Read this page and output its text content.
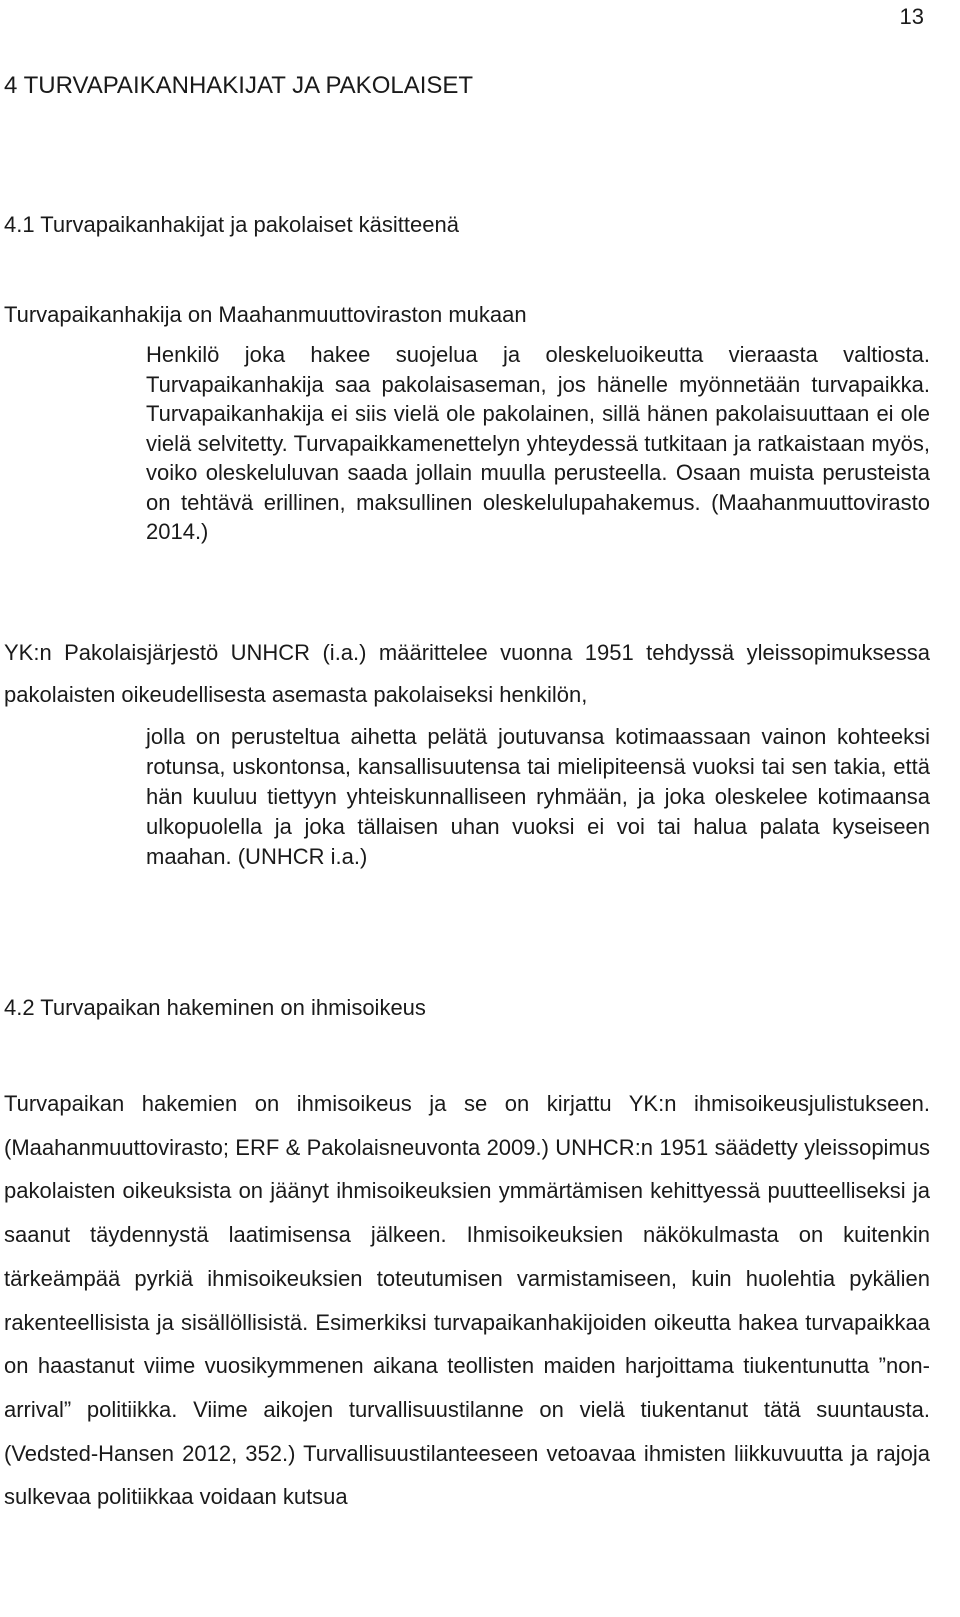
13
4 TURVAPAIKANHAKIJAT JA PAKOLAISET
4.1 Turvapaikanhakijat ja pakolaiset käsitteenä
Turvapaikanhakija on Maahanmuuttoviraston mukaan

Henkilö joka hakee suojelua ja oleskeluoikeutta vieraasta valtiosta. Turvapaikanhakija saa pakolaisaseman, jos hänelle myönnetään turvapaikka. Turvapaikanhakija ei siis vielä ole pakolainen, sillä hänen pakolaisuuttaan ei ole vielä selvitetty. Turvapaikkamenettelyn yhteydessä tutkitaan ja ratkaistaan myös, voiko oleskeluluvan saada jollain muulla perusteella. Osaan muista perusteista on tehtävä erillinen, maksullinen oleskelulupahakemus. (Maahanmuuttovirasto 2014.)

YK:n Pakolaisjärjestö UNHCR (i.a.) määrittelee vuonna 1951 tehdyssä yleissopimuksessa pakolaisten oikeudellisesta asemasta pakolaiseksi henkilön,

jolla on perusteltua aihetta pelätä joutuvansa kotimaassaan vainon kohteeksi rotunsa, uskontonsa, kansallisuutensa tai mielipiteensä vuoksi tai sen takia, että hän kuuluu tiettyyn yhteiskunnalliseen ryhmään, ja joka oleskelee kotimaansa ulkopuolella ja joka tällaisen uhan vuoksi ei voi tai halua palata kyseiseen maahan. (UNHCR i.a.)

4.2 Turvapaikan hakeminen on ihmisoikeus

Turvapaikan hakemien on ihmisoikeus ja se on kirjattu YK:n ihmisoikeusjulistukseen. (Maahanmuuttovirasto; ERF & Pakolaisneuvonta 2009.) UNHCR:n 1951 säädetty yleissopimus pakolaisten oikeuksista on jäänyt ihmisoikeuksien ymmärtämisen kehittyessä puutteelliseksi ja saanut täydennystä laatimisensa jälkeen. Ihmisoikeuksien näkökulmasta on kuitenkin tärkeämpää pyrkiä ihmisoikeuksien toteutumisen varmistamiseen, kuin huolehtia pykälien rakenteellisista ja sisällöllisistä. Esimerkiksi turvapaikanhakijoiden oikeutta hakea turvapaikkaa on haastanut viime vuosikymmenen aikana teollisten maiden harjoittama tiukentunutta ”non-arrival” politiikka. Viime aikojen turvallisuustilanne on vielä tiukentanut tätä suuntausta. (Vedsted-Hansen 2012, 352.) Turvallisuustilanteeseen vetoavaa ihmisten liikkuvuutta ja rajoja sulkevaa politiikkaa voidaan kutsua
